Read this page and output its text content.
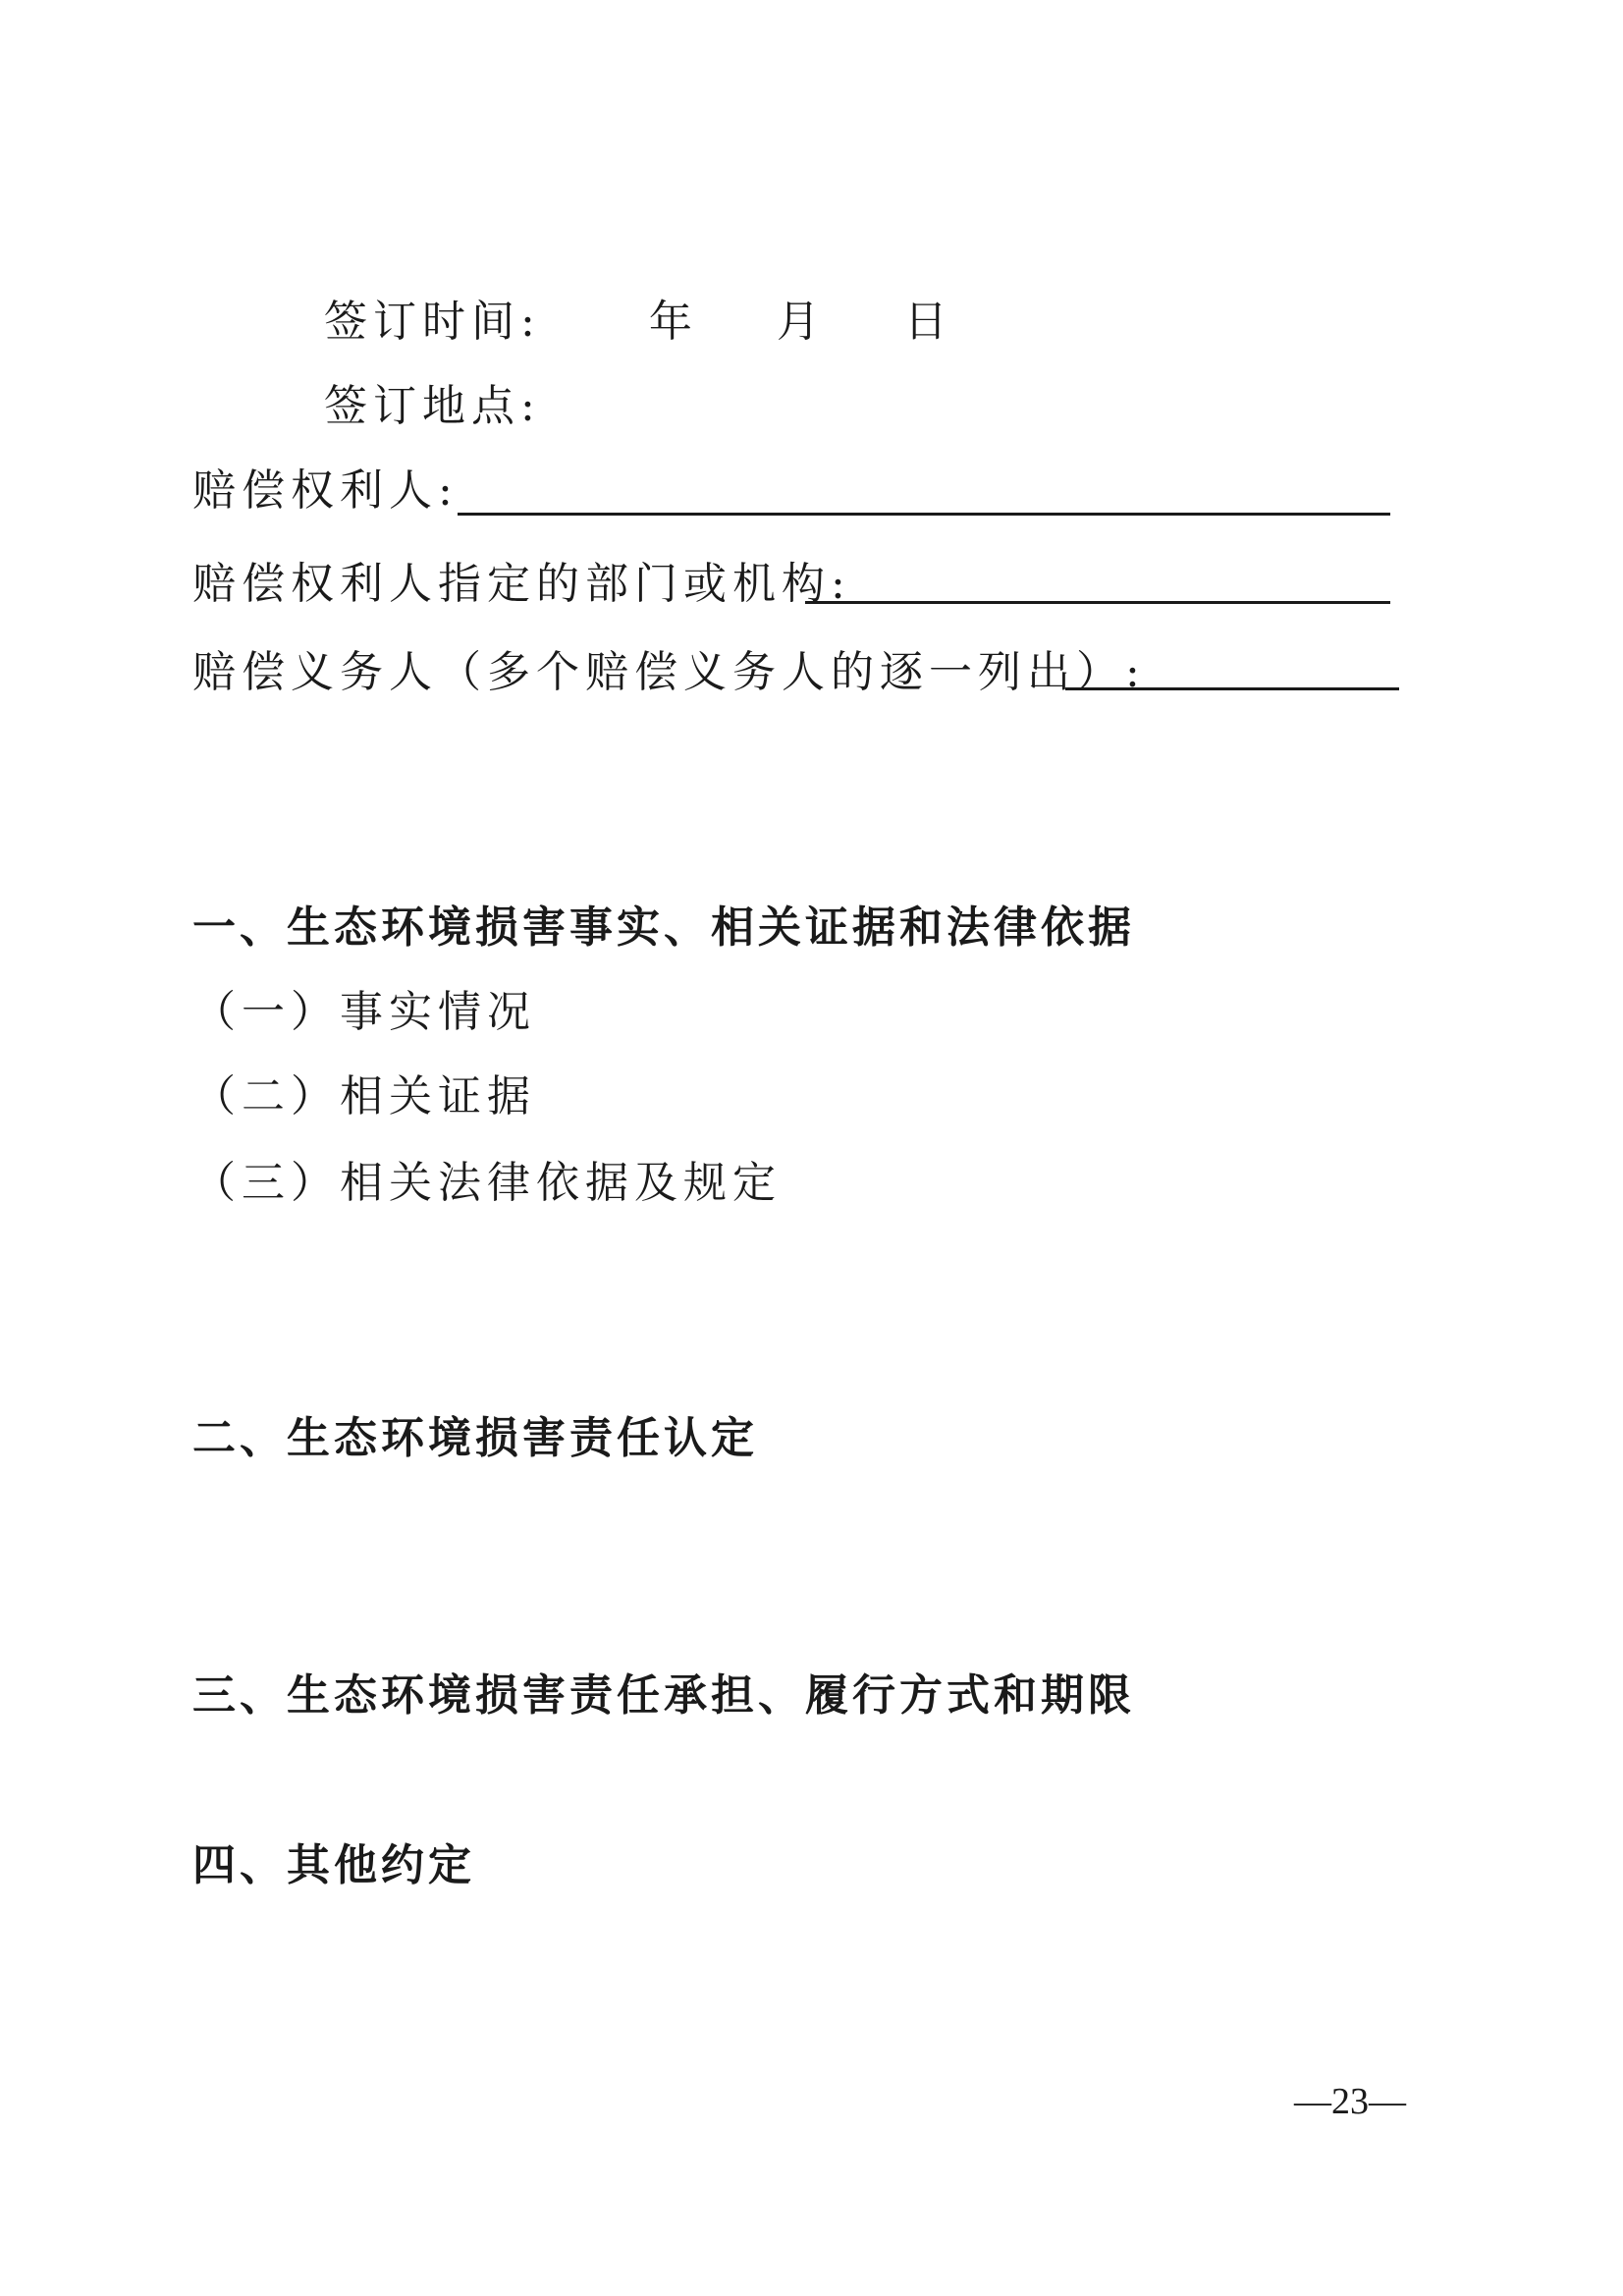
签订时间:	年 月 日
签订地点:
赔偿权利人:
赔偿权利人指定的部门或机构:
赔偿义务人（多个赔偿义务人的逐一列出）:
一、生态环境损害事实、相关证据和法律依据
（一）事实情况
（二）相关证据
（三）相关法律依据及规定
二、生态环境损害责任认定
三、生态环境损害责任承担、履行方式和期限
四、其他约定
—23—
